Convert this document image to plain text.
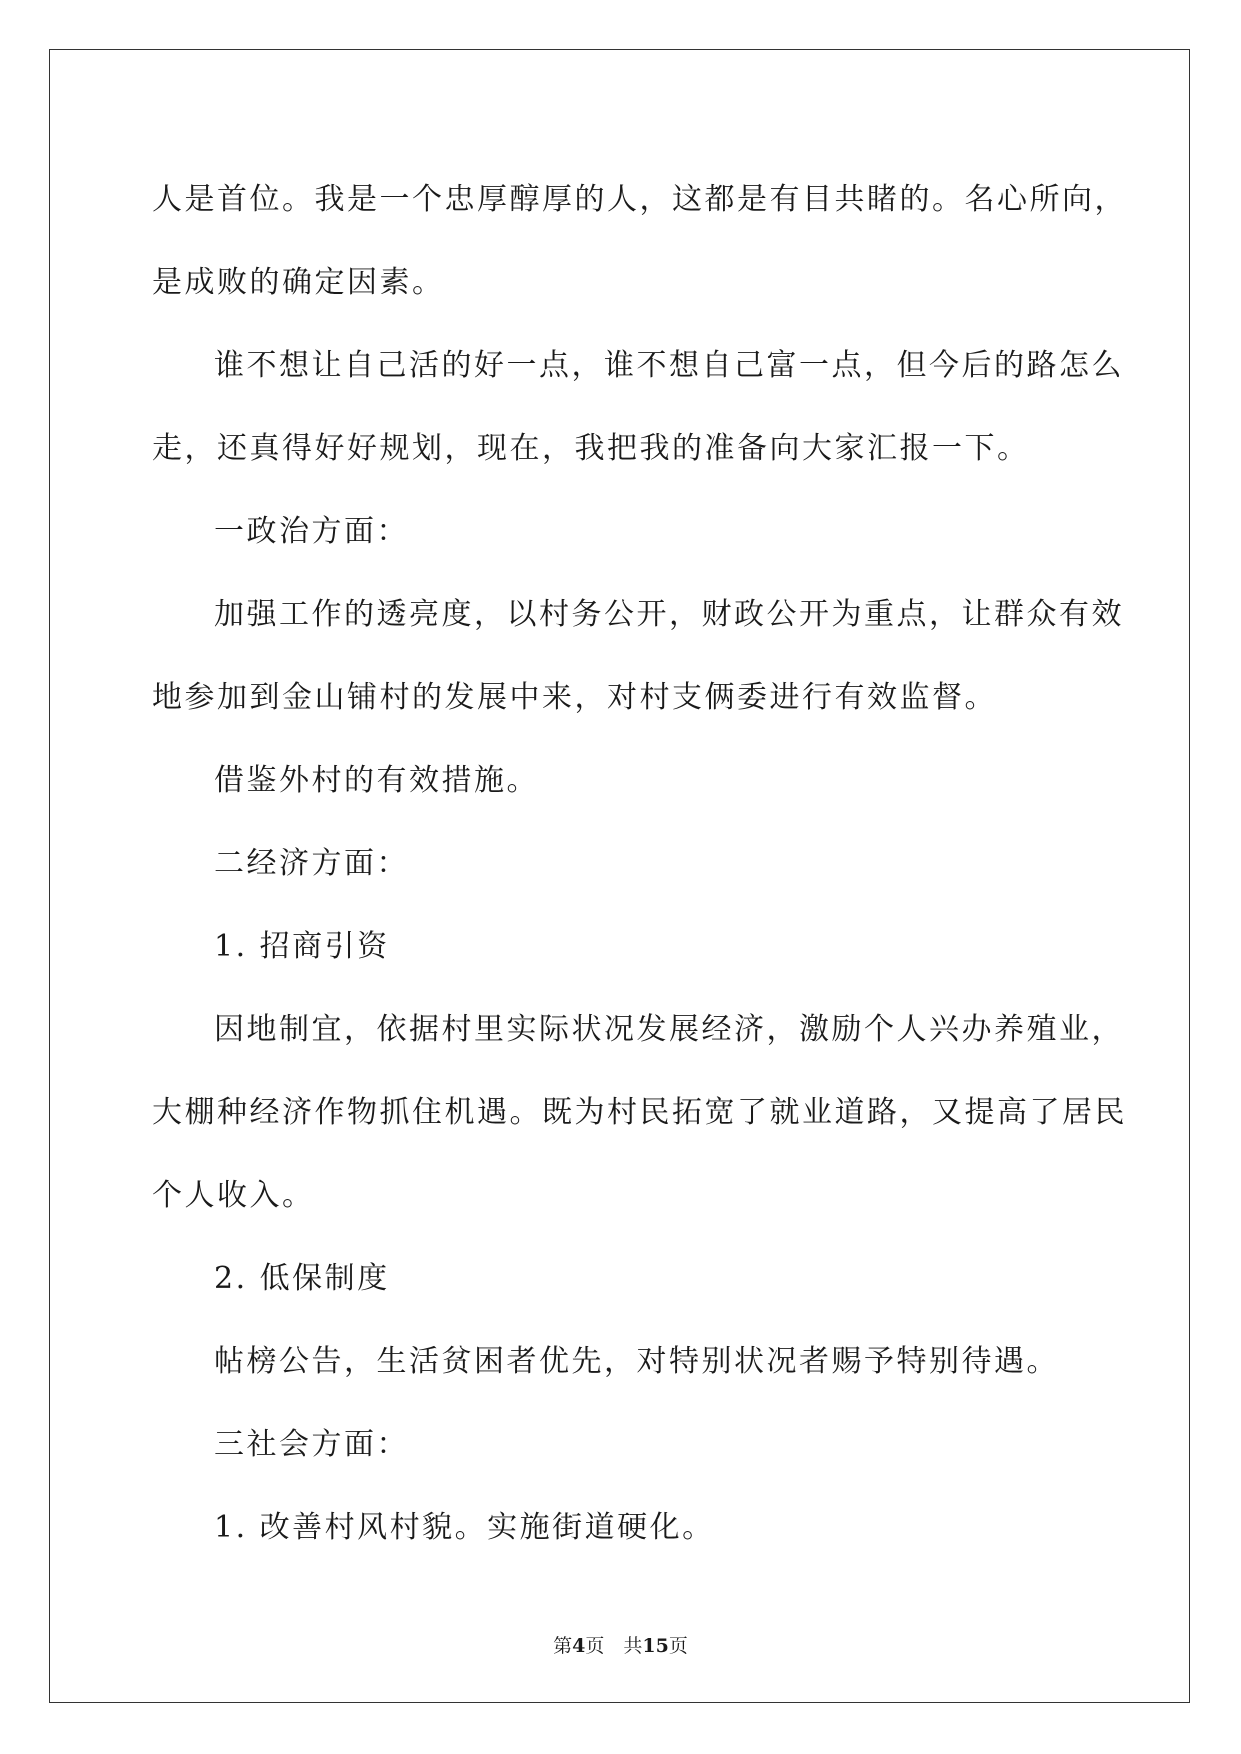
人是首位。我是一个忠厚醇厚的人，这都是有目共睹的。名心所向，
是成败的确定因素。
谁不想让自己活的好一点，谁不想自己富一点，但今后的路怎么
走，还真得好好规划，现在，我把我的准备向大家汇报一下。
一政治方面：
加强工作的透亮度，以村务公开，财政公开为重点，让群众有效
地参加到金山铺村的发展中来，对村支俩委进行有效监督。
借鉴外村的有效措施。
二经济方面：
1. 招商引资
因地制宜，依据村里实际状况发展经济，激励个人兴办养殖业，
大棚种经济作物抓住机遇。既为村民拓宽了就业道路，又提高了居民
个人收入。
2. 低保制度
帖榜公告，生活贫困者优先，对特别状况者赐予特别待遇。
三社会方面：
1. 改善村风村貌。实施街道硬化。
第4页　共15页
